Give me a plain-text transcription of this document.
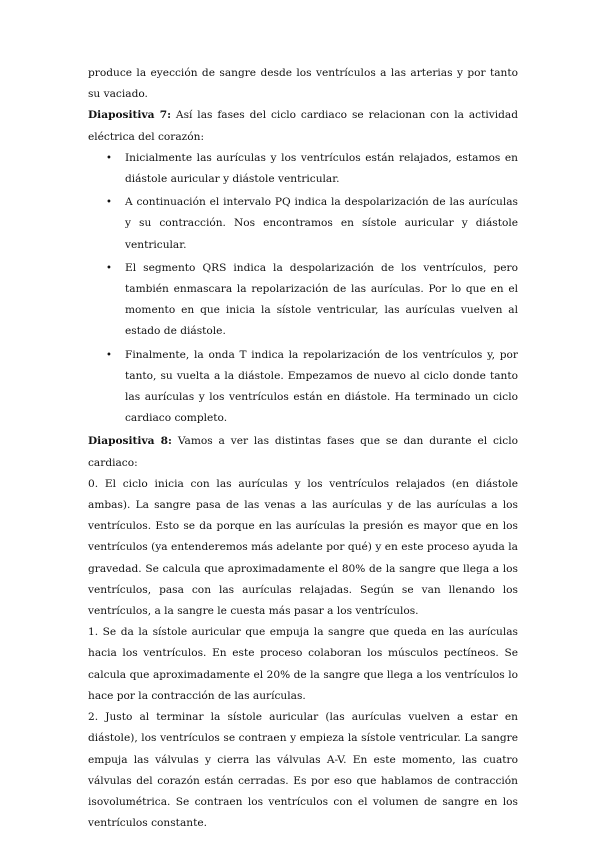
produce la eyección de sangre desde los ventrículos a las arterias y por tanto su vaciado.

Diapositiva 7: Así las fases del ciclo cardiaco se relacionan con la actividad eléctrica del corazón:

• Inicialmente las aurículas y los ventrículos están relajados, estamos en diástole auricular y diástole ventricular.
• A continuación el intervalo PQ indica la despolarización de las aurículas y su contracción. Nos encontramos en sístole auricular y diástole ventricular.
• El segmento QRS indica la despolarización de los ventrículos, pero también enmascara la repolarización de las aurículas. Por lo que en el momento en que inicia la sístole ventricular, las aurículas vuelven al estado de diástole.
• Finalmente, la onda T indica la repolarización de los ventrículos y, por tanto, su vuelta a la diástole. Empezamos de nuevo al ciclo donde tanto las aurículas y los ventrículos están en diástole. Ha terminado un ciclo cardiaco completo.

Diapositiva 8: Vamos a ver las distintas fases que se dan durante el ciclo cardiaco:

0. El ciclo inicia con las aurículas y los ventrículos relajados (en diástole ambas). La sangre pasa de las venas a las aurículas y de las aurículas a los ventrículos. Esto se da porque en las aurículas la presión es mayor que en los ventrículos (ya entenderemos más adelante por qué) y en este proceso ayuda la gravedad. Se calcula que aproximadamente el 80% de la sangre que llega a los ventrículos, pasa con las aurículas relajadas. Según se van llenando los ventrículos, a la sangre le cuesta más pasar a los ventrículos.

1. Se da la sístole auricular que empuja la sangre que queda en las aurículas hacia los ventrículos. En este proceso colaboran los músculos pectíneos. Se calcula que aproximadamente el 20% de la sangre que llega a los ventrículos lo hace por la contracción de las aurículas.

2. Justo al terminar la sístole auricular (las aurículas vuelven a estar en diástole), los ventrículos se contraen y empieza la sístole ventricular. La sangre empuja las válvulas y cierra las válvulas A-V. En este momento, las cuatro válvulas del corazón están cerradas. Es por eso que hablamos de contracción isovolumétrica. Se contraen los ventrículos con el volumen de sangre en los ventrículos constante.
